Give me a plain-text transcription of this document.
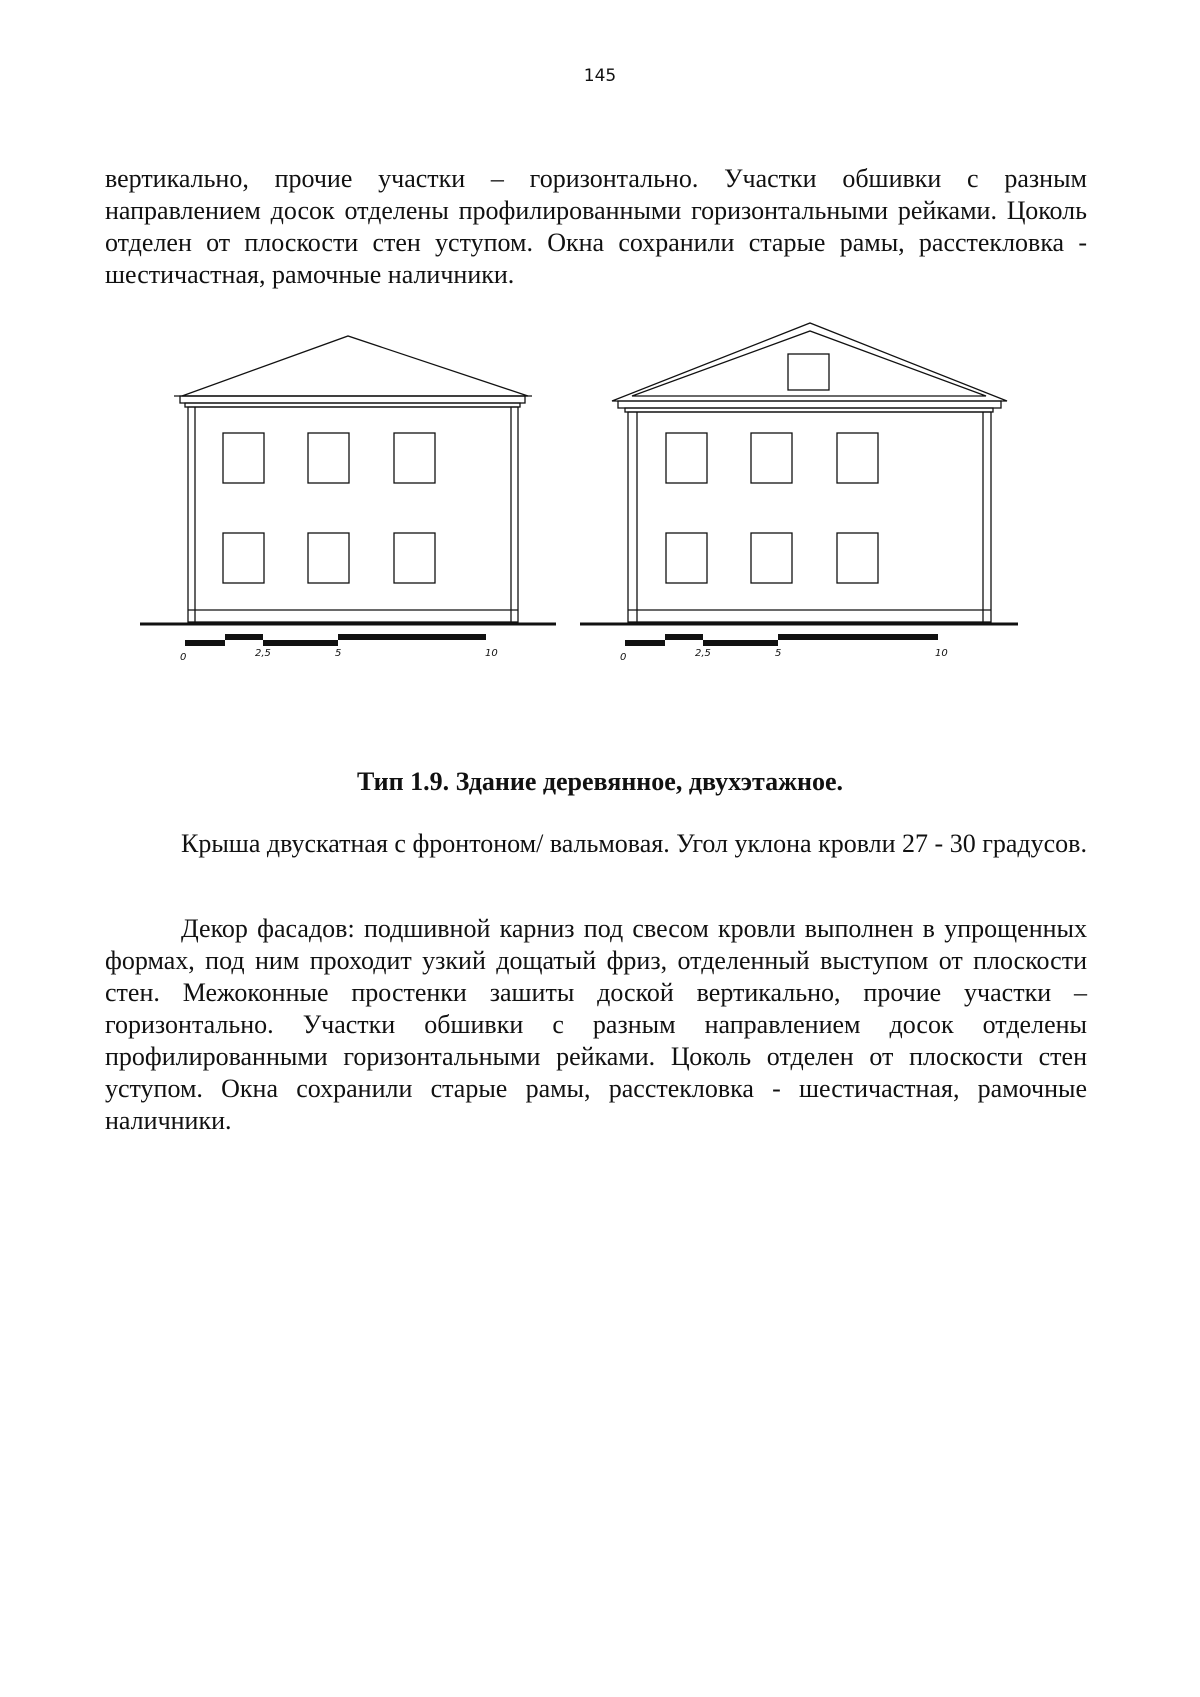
145

вертикально, прочие участки – горизонтально. Участки обшивки с разным направлением досок отделены профилированными горизонтальными рейками. Цоколь отделен от плоскости стен уступом. Окна сохранили старые рамы, расстекловка - шестичастная, рамочные наличники.

0	2,5	5	10	0	2,5	5	10

Тип 1.9. Здание деревянное, двухэтажное.

Крыша двускатная с фронтоном/ вальмовая. Угол уклона кровли 27 - 30 градусов.

Декор фасадов: подшивной карниз под свесом кровли выполнен в упрощенных формах, под ним проходит узкий дощатый фриз, отделенный выступом от плоскости стен. Межоконные простенки зашиты доской вертикально, прочие участки – горизонтально. Участки обшивки с разным направлением досок отделены профилированными горизонтальными рейками. Цоколь отделен от плоскости стен уступом. Окна сохранили старые рамы, расстекловка - шестичастная, рамочные наличники.
